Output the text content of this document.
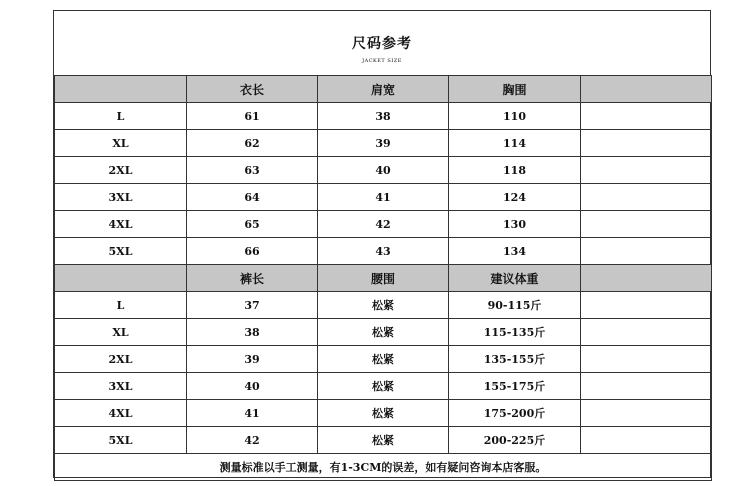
尺码参考
JACKET SIZE
	衣长	肩宽	胸围	
L	61	38	110	
XL	62	39	114	
2XL	63	40	118	
3XL	64	41	124	
4XL	65	42	130	
5XL	66	43	134	
	裤长	腰围	建议体重	
L	37	松紧	90-115斤	
XL	38	松紧	115-135斤	
2XL	39	松紧	135-155斤	
3XL	40	松紧	155-175斤	
4XL	41	松紧	175-200斤	
5XL	42	松紧	200-225斤	
测量标准以手工测量，有1-3CM的误差，如有疑问咨询本店客服。				
